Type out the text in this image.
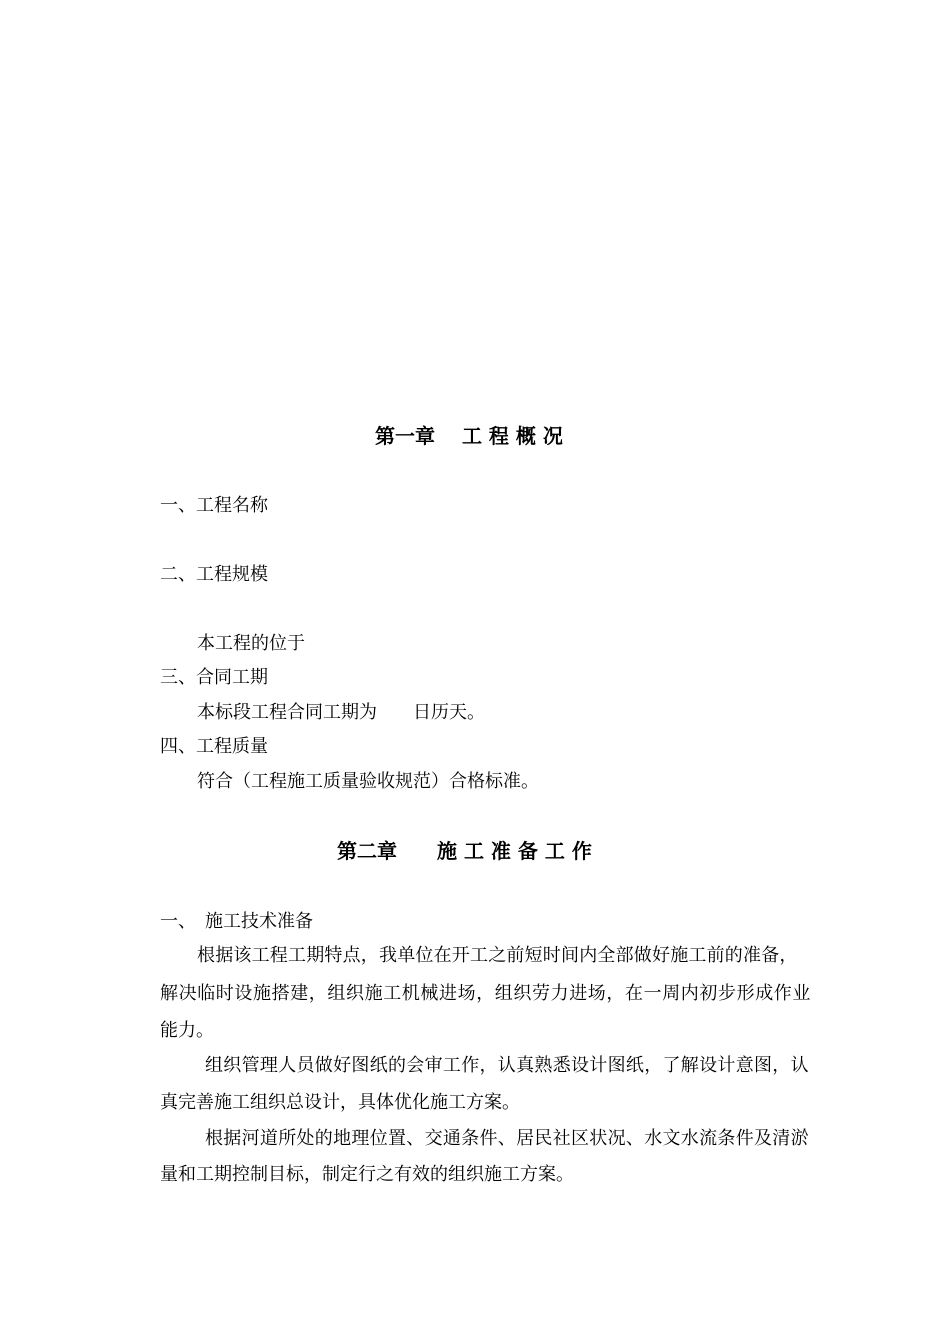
第一章　 工 程 概 况

一、工程名称

二、工程规模

本工程的位于

三、合同工期

本标段工程合同工期为　　日历天。

四、工程质量

符合（工程施工质量验收规范）合格标准。

第二章　　施 工 准 备 工 作

一、　施工技术准备

根据该工程工期特点，我单位在开工之前短时间内全部做好施工前的准备，

解决临时设施搭建，组织施工机械进场，组织劳力进场，在一周内初步形成作业

能力。

组织管理人员做好图纸的会审工作，认真熟悉设计图纸，了解设计意图，认

真完善施工组织总设计，具体优化施工方案。

根据河道所处的地理位置、交通条件、居民社区状况、水文水流条件及清淤

量和工期控制目标，制定行之有效的组织施工方案。
